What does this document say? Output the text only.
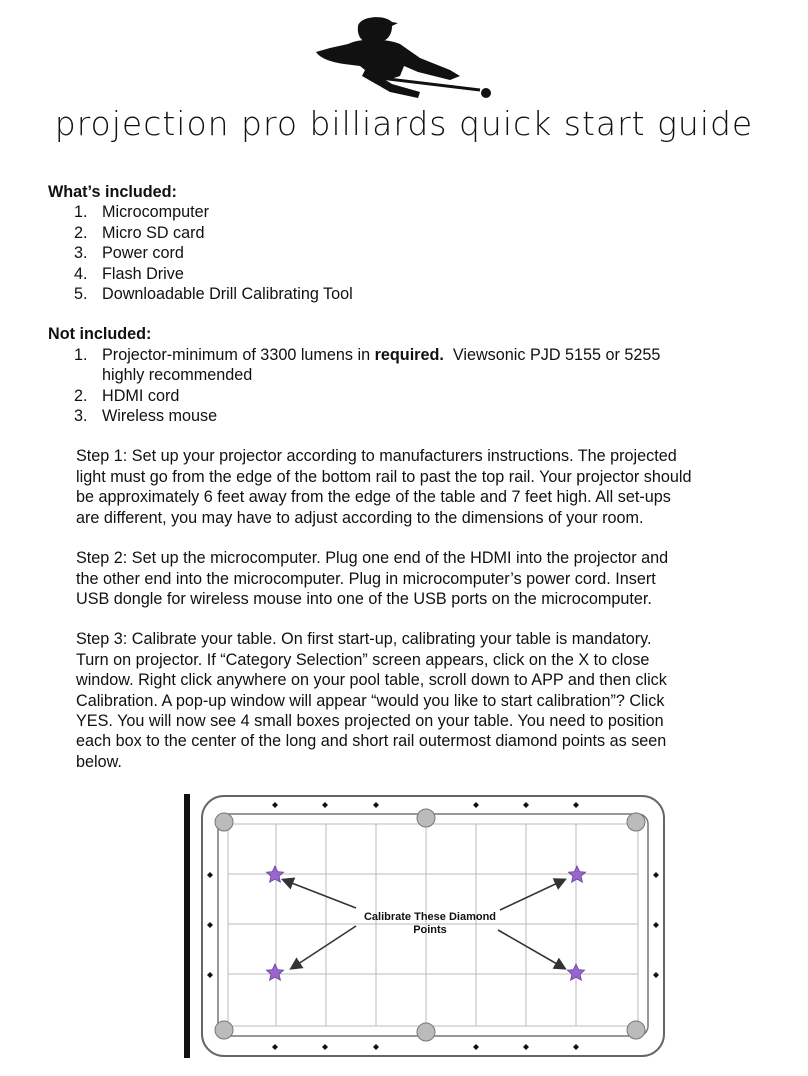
projection pro billiards quick start guide
What’s included:
1. Microcomputer
2. Micro SD card
3. Power cord
4. Flash Drive
5. Downloadable Drill Calibrating Tool
Not included:
1. Projector-minimum of 3300 lumens in required.  Viewsonic PJD 5155 or 5255
highly recommended
2. HDMI cord
3. Wireless mouse
Step 1: Set up your projector according to manufacturers instructions. The projected
light must go from the edge of the bottom rail to past the top rail. Your projector should
be approximately 6 feet away from the edge of the table and 7 feet high. All set-ups
are different, you may have to adjust according to the dimensions of your room.
Step 2: Set up the microcomputer. Plug one end of the HDMI into the projector and
the other end into the microcomputer. Plug in microcomputer’s power cord. Insert
USB dongle for wireless mouse into one of the USB ports on the microcomputer.
Step 3: Calibrate your table. On first start-up, calibrating your table is mandatory.
Turn on projector. If “Category Selection” screen appears, click on the X to close
window. Right click anywhere on your pool table, scroll down to APP and then click
Calibration. A pop-up window will appear “would you like to start calibration”? Click
YES. You will now see 4 small boxes projected on your table. You need to position
each box to the center of the long and short rail outermost diamond points as seen
below.
Calibrate These Diamond
Points
